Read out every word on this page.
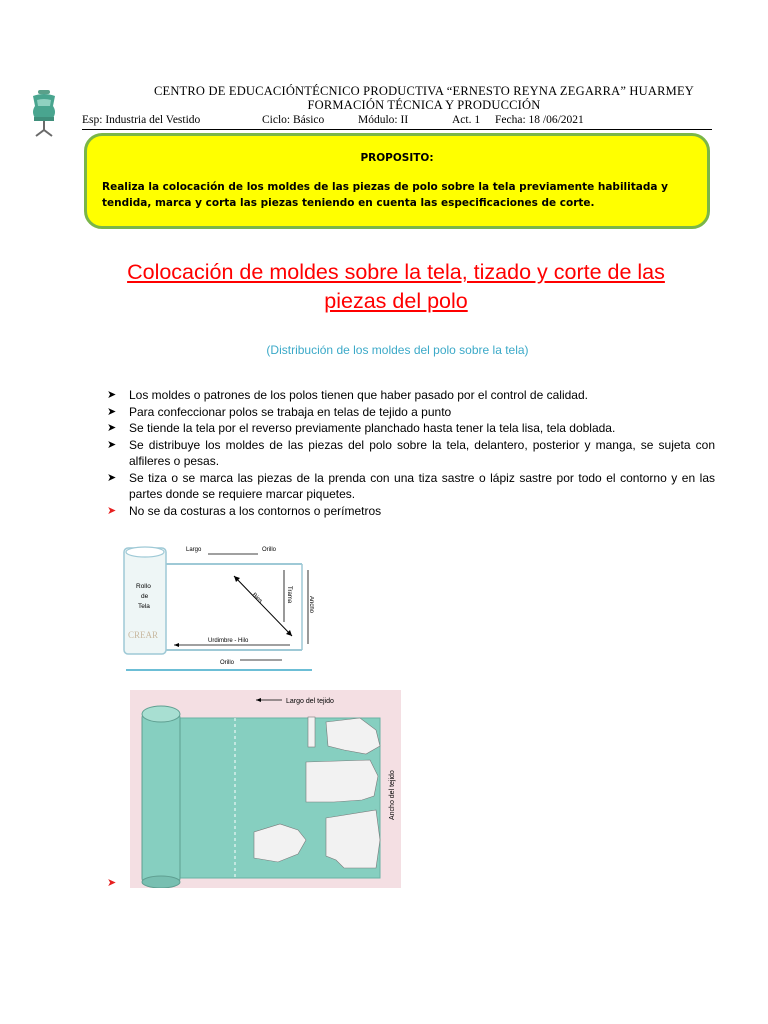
CENTRO DE EDUCACIÓNTÉCNICO PRODUCTIVA “ERNESTO REYNA ZEGARRA” HUARMEY
FORMACIÓN TÉCNICA Y PRODUCCIÓN
Esp: Industria del Vestido	Ciclo: Básico	Módulo: II	Act. 1 Fecha: 18 /06/2021
PROPOSITO:
Realiza la colocación de los moldes de las piezas de polo sobre la tela previamente habilitada y tendida, marca y corta las piezas teniendo en cuenta las especificaciones de corte.
Colocación de moldes sobre la tela, tizado y corte de las
piezas del polo
(Distribución de los moldes del polo sobre la tela)
➤ Los moldes o patrones de los polos tienen que haber pasado por el control de calidad.
➤ Para confeccionar polos se trabaja en telas de tejido a punto
➤ Se tiende la tela por el reverso previamente planchado hasta tener la tela lisa, tela doblada.
➤ Se distribuye los moldes de las piezas del polo sobre la tela, delantero, posterior y manga, se sujeta con alfileres o pesas.
➤ Se tiza o se marca las piezas de la prenda con una tiza sastre o lápiz sastre por todo el contorno y en las partes donde se requiere marcar piquetes.
➤ No se da costuras a los contornos o perímetros
Rollo
de
Tela
CREAR
Largo	Orillo
Bies	Trama
Ancho
Urdimbre - Hilo
Orillo
Largo del tejido
Ancho del tejido
➤
